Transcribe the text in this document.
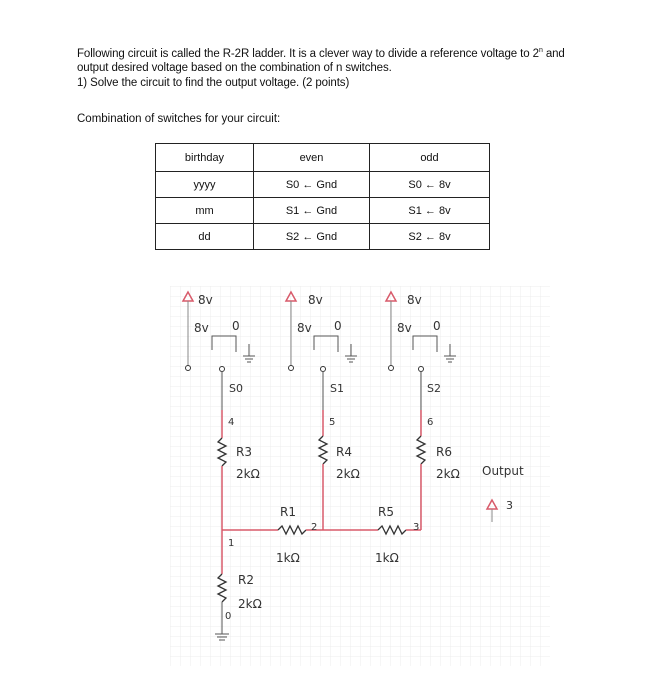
Following circuit is called the R-2R ladder. It is a clever way to divide a reference voltage to 2$^n$ and
output desired voltage based on the combination of n switches.
1) Solve the circuit to find the output voltage. (2 points)
Combination of switches for your circuit:
birthday	even	odd
yyyy	S0 ← Gnd	S0 ← 8v
mm	S1 ← Gnd	S1 ← 8v
dd	S2 ← Gnd	S2 ← 8v
8v
8v 0
S0
4
8v
8v 0
S1
5
8v
8v 0
S2
6
R3
2kΩ
R4
2kΩ
R6
2kΩ
R1
1kΩ
2
R5
1kΩ
3
1
R2
2kΩ
0
Output
3
